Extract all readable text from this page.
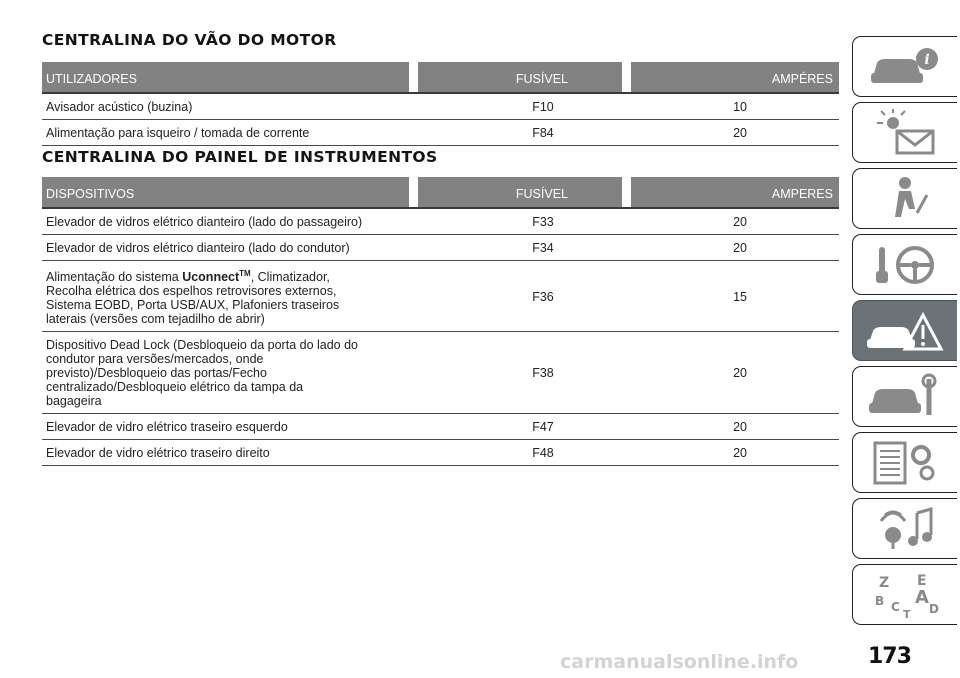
CENTRALINA DO VÃO DO MOTOR
UTILIZADORES		FUSÍVEL		AMPÉRES
Avisador acústico (buzina)		F10	10	
Alimentação para isqueiro / tomada de corrente		F84	20	
CENTRALINA DO PAINEL DE INSTRUMENTOS
DISPOSITIVOS		FUSÍVEL		AMPERES
Elevador de vidros elétrico dianteiro (lado do passageiro)		F33	20	
Elevador de vidros elétrico dianteiro (lado do condutor)		F34	20	
Alimentação do sistema Uconnect™, Climatizador, Recolha elétrica dos espelhos retrovisores externos, Sistema EOBD, Porta USB/AUX, Plafoniers traseiros laterais (versões com tejadilho de abrir)		F36	15	
Dispositivo Dead Lock (Desbloqueio da porta do lado do condutor para versões/mercados, onde previsto)/Desbloqueio das portas/Fecho centralizado/Desbloqueio elétrico da tampa da bagageira		F38	20	
Elevador de vidro elétrico traseiro esquerdo		F47	20	
Elevador de vidro elétrico traseiro direito		F48	20	
i
Z E
B A
C D
T
173
carmanualsonline.info
